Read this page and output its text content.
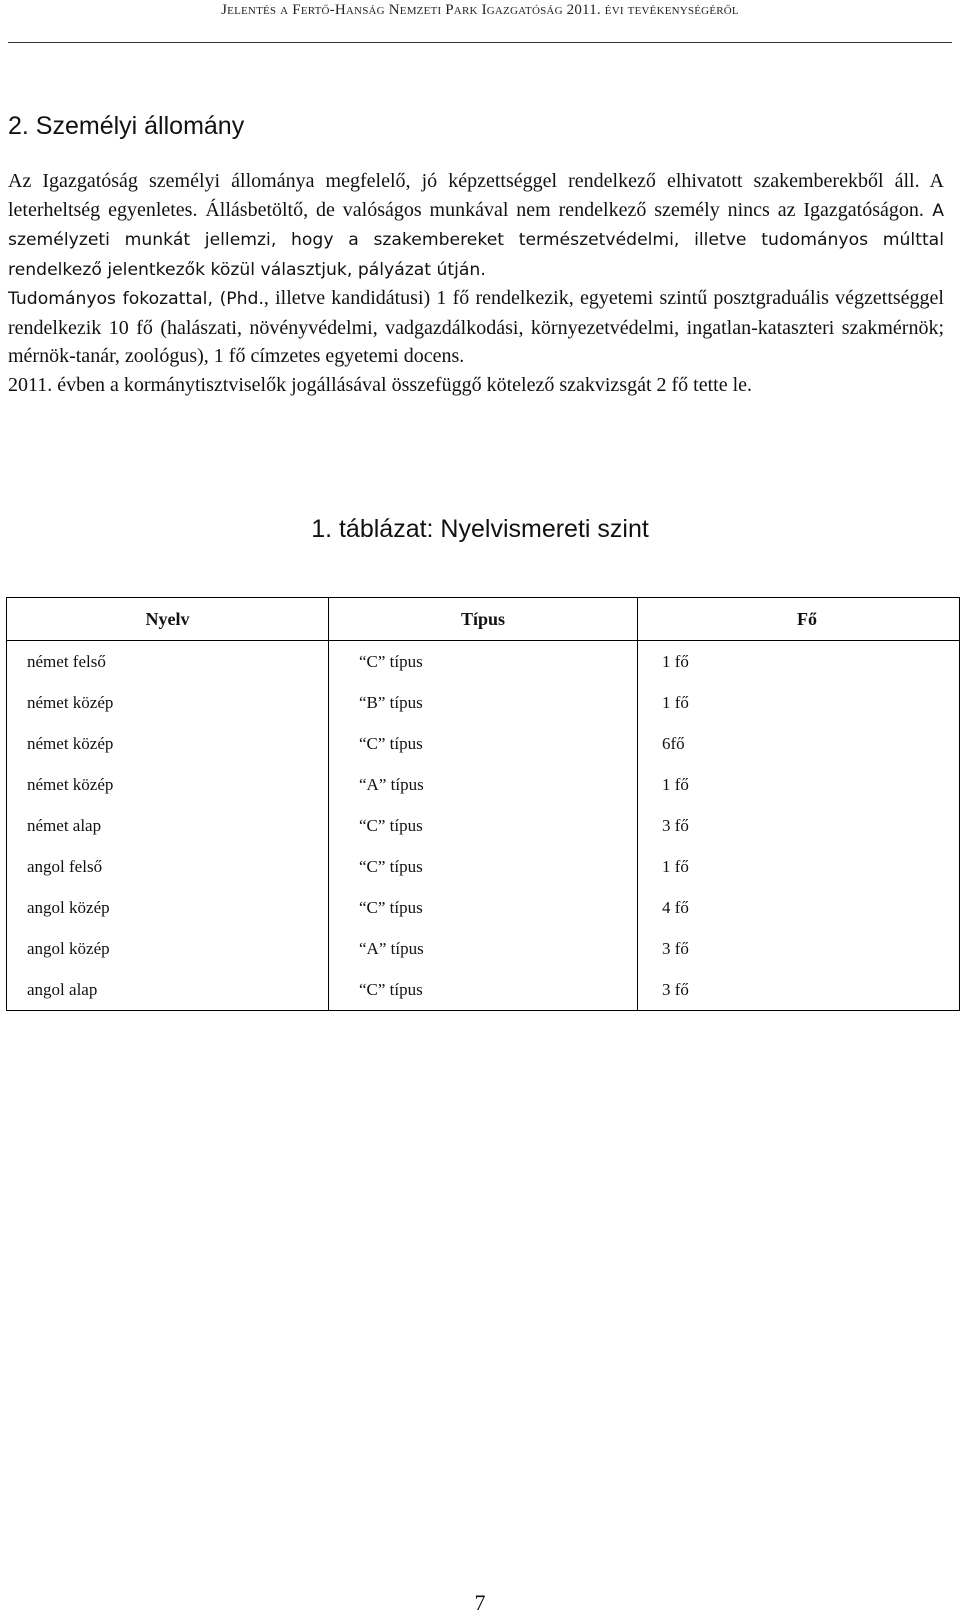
Jelentés a Fertő-Hanság Nemzeti Park Igazgatóság 2011. évi tevékenységéről
2. Személyi állomány

Az Igazgatóság személyi állománya megfelelő, jó képzettséggel rendelkező elhivatott szakemberekből áll. A leterheltség egyenletes. Állásbetöltő, de valóságos munkával nem rendelkező személy nincs az Igazgatóságon. A személyzeti munkát jellemzi, hogy a szakembereket természetvédelmi, illetve tudományos múlttal rendelkező jelentkezők közül választjuk, pályázat útján.

Tudományos fokozattal, (Phd., illetve kandidátusi) 1 fő rendelkezik, egyetemi szintű posztgraduális végzettséggel rendelkezik 10 fő (halászati, növényvédelmi, vadgazdálkodási, környezetvédelmi, ingatlan-kataszteri szakmérnök; mérnök-tanár, zoológus), 1 fő címzetes egyetemi docens.

2011. évben a kormánytisztviselők jogállásával összefüggő kötelező szakvizsgát 2 fő tette le.

1. táblázat: Nyelvismereti szint
Nyelv	Típus	Fő
német felső	“C” típus	1 fő
német közép	“B” típus	1 fő
német közép	“C” típus	6fő
német közép	“A” típus	1 fő
német alap	“C” típus	3 fő
angol felső	“C” típus	1 fő
angol közép	“C” típus	4 fő
angol közép	“A” típus	3 fő
angol alap	“C” típus	3 fő
7
